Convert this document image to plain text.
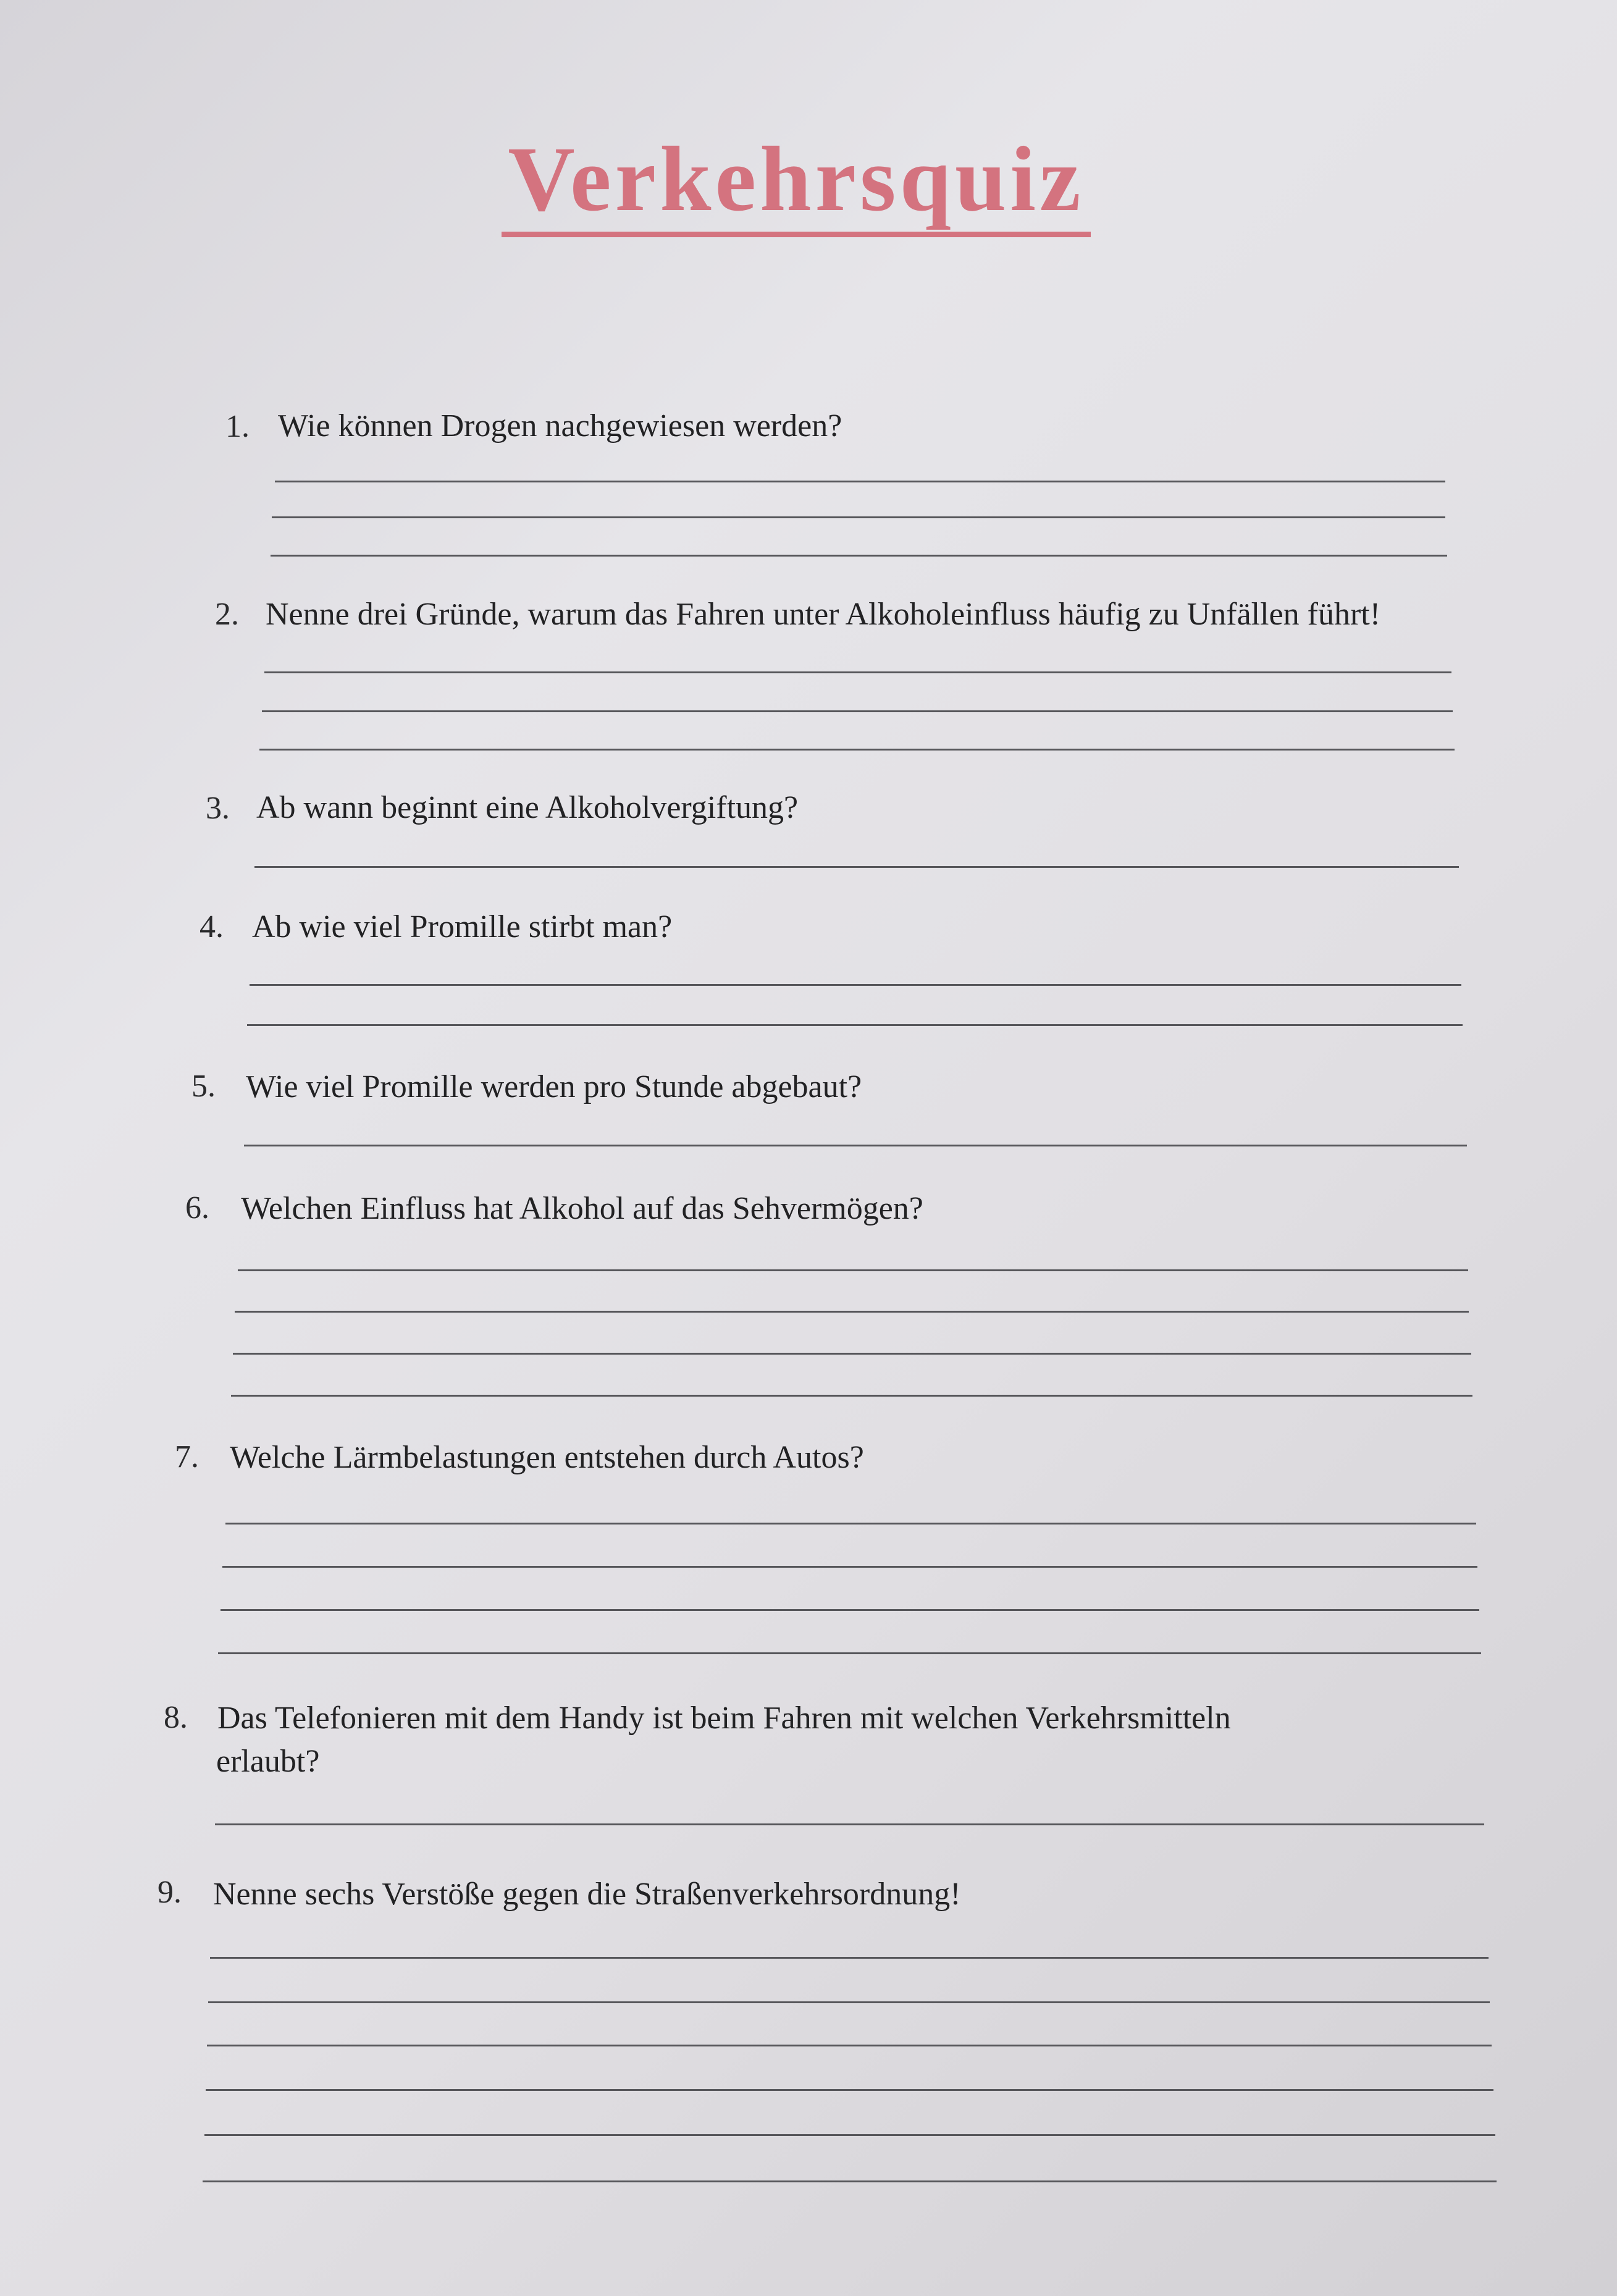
Verkehrsquiz
1. Wie können Drogen nachgewiesen werden?
2. Nenne drei Gründe, warum das Fahren unter Alkoholeinfluss häufig zu Unfällen führt!
3. Ab wann beginnt eine Alkoholvergiftung?
4. Ab wie viel Promille stirbt man?
5. Wie viel Promille werden pro Stunde abgebaut?
6. Welchen Einfluss hat Alkohol auf das Sehvermögen?
7. Welche Lärmbelastungen entstehen durch Autos?
8. Das Telefonieren mit dem Handy ist beim Fahren mit welchen Verkehrsmitteln
erlaubt?
9. Nenne sechs Verstöße gegen die Straßenverkehrsordnung!
